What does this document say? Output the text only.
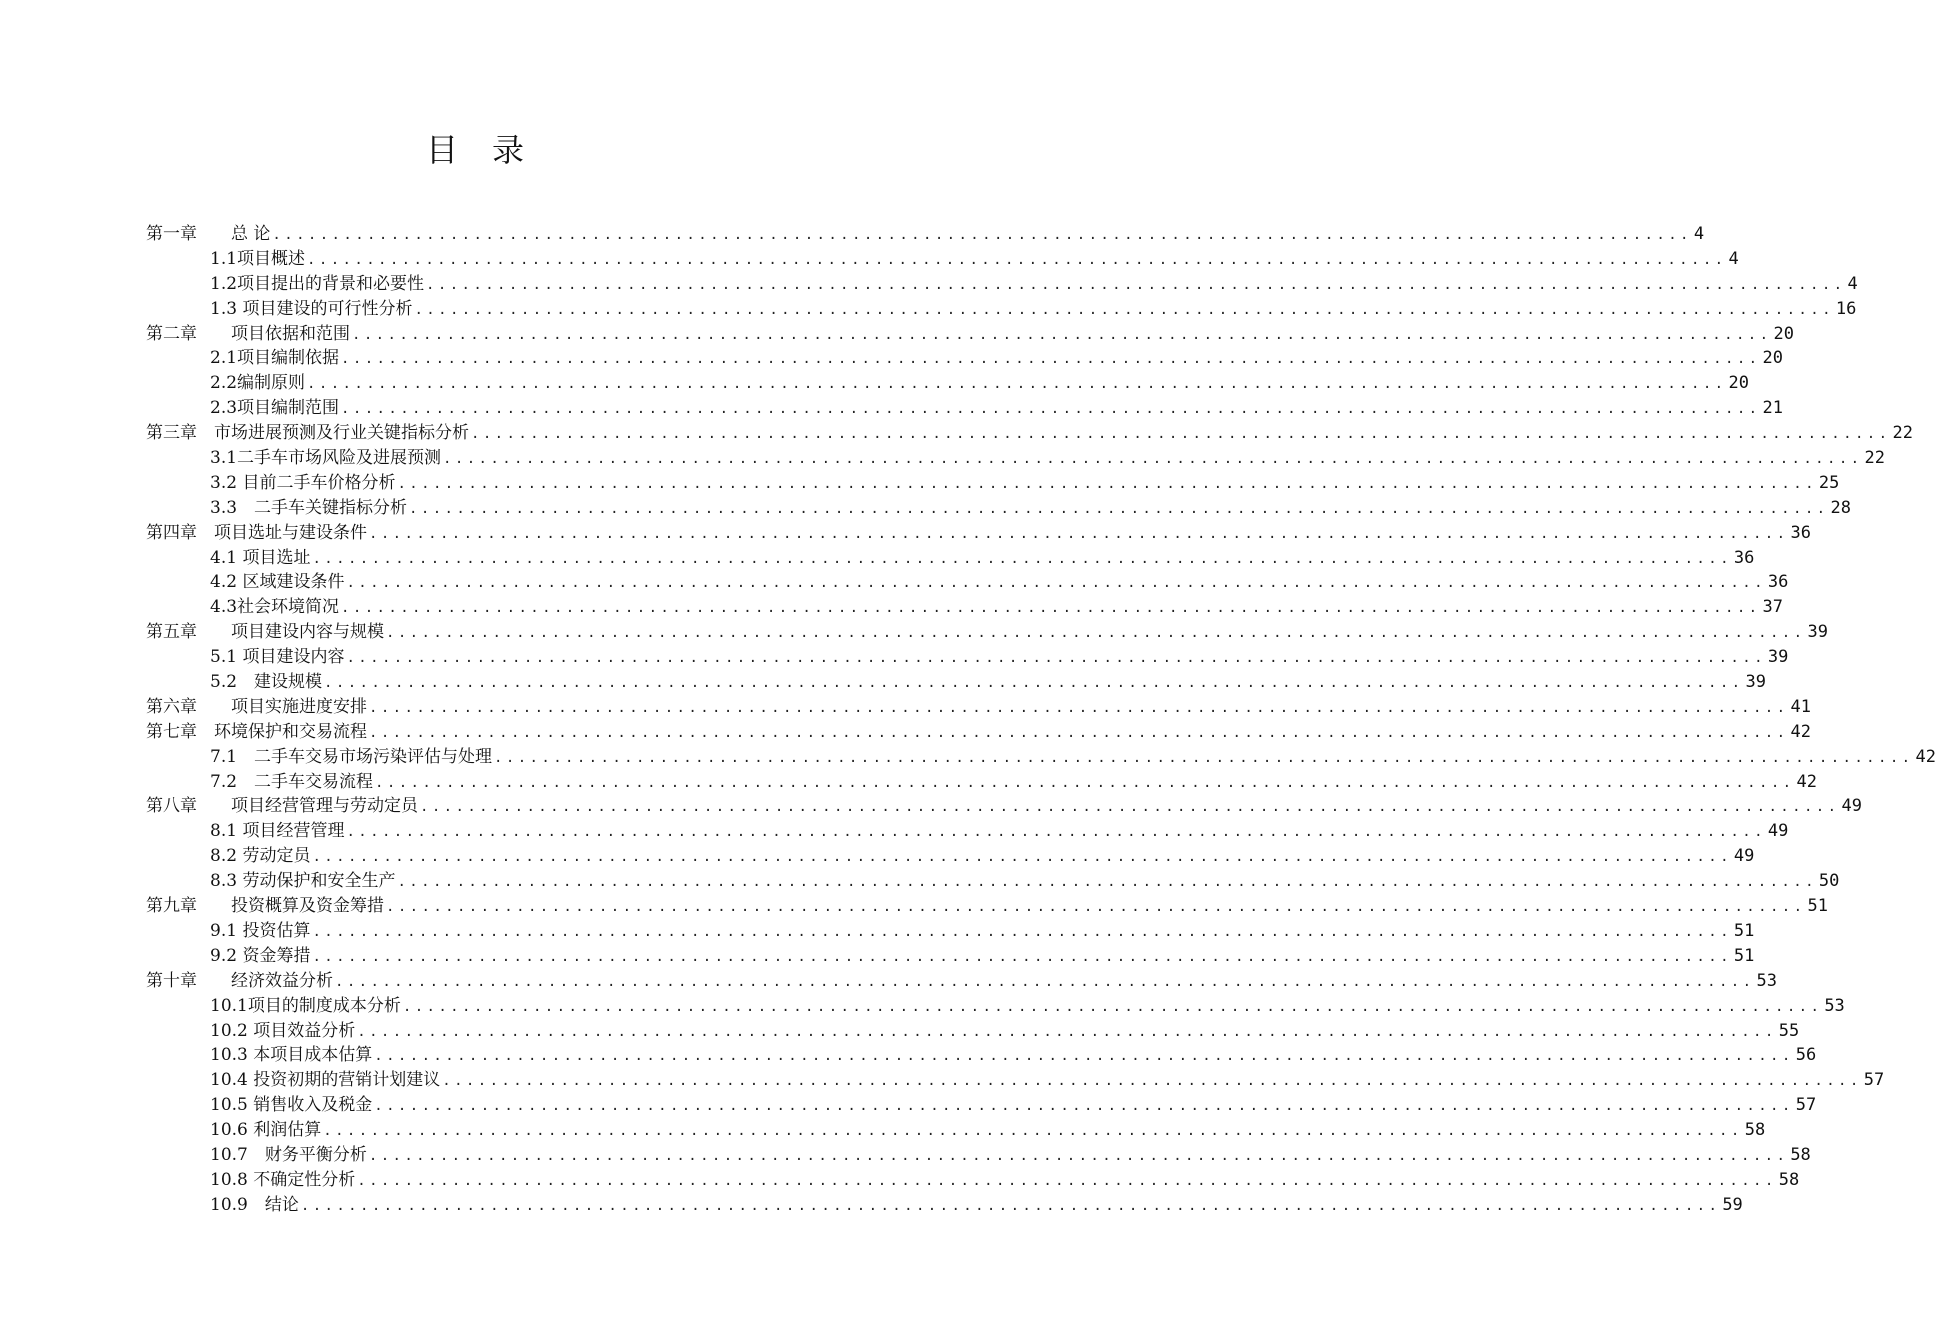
目录
第一章　　总 论 ........................................................................................................................ 4
1.1项目概述 ........................................................................................................................ 4
1.2项目提出的背景和必要性 ........................................................................................................................ 4
1.3 项目建设的可行性分析 ........................................................................................................................ 16
第二章　　项目依据和范围 ........................................................................................................................ 20
2.1项目编制依据 ........................................................................................................................ 20
2.2编制原则 ........................................................................................................................ 20
2.3项目编制范围 ........................................................................................................................ 21
第三章　市场进展预测及行业关键指标分析 ........................................................................................................................ 22
3.1二手车市场风险及进展预测 ........................................................................................................................ 22
3.2 目前二手车价格分析 ........................................................................................................................ 25
3.3　二手车关键指标分析 ........................................................................................................................ 28
第四章　项目选址与建设条件 ........................................................................................................................ 36
4.1 项目选址 ........................................................................................................................ 36
4.2 区域建设条件 ........................................................................................................................ 36
4.3社会环境简况 ........................................................................................................................ 37
第五章　　项目建设内容与规模 ........................................................................................................................ 39
5.1 项目建设内容 ........................................................................................................................ 39
5.2　建设规模 ........................................................................................................................ 39
第六章　　项目实施进度安排 ........................................................................................................................ 41
第七章　环境保护和交易流程 ........................................................................................................................ 42
7.1　二手车交易市场污染评估与处理 ........................................................................................................................ 42
7.2　二手车交易流程 ........................................................................................................................ 42
第八章　　项目经营管理与劳动定员 ........................................................................................................................ 49
8.1 项目经营管理 ........................................................................................................................ 49
8.2 劳动定员 ........................................................................................................................ 49
8.3 劳动保护和安全生产 ........................................................................................................................ 50
第九章　　投资概算及资金筹措 ........................................................................................................................ 51
9.1 投资估算 ........................................................................................................................ 51
9.2 资金筹措 ........................................................................................................................ 51
第十章　　经济效益分析 ........................................................................................................................ 53
10.1项目的制度成本分析 ........................................................................................................................ 53
10.2 项目效益分析 ........................................................................................................................ 55
10.3 本项目成本估算 ........................................................................................................................ 56
10.4 投资初期的营销计划建议 ........................................................................................................................ 57
10.5 销售收入及税金 ........................................................................................................................ 57
10.6 利润估算 ........................................................................................................................ 58
10.7　财务平衡分析 ........................................................................................................................ 58
10.8 不确定性分析 ........................................................................................................................ 58
10.9　结论 ........................................................................................................................ 59
